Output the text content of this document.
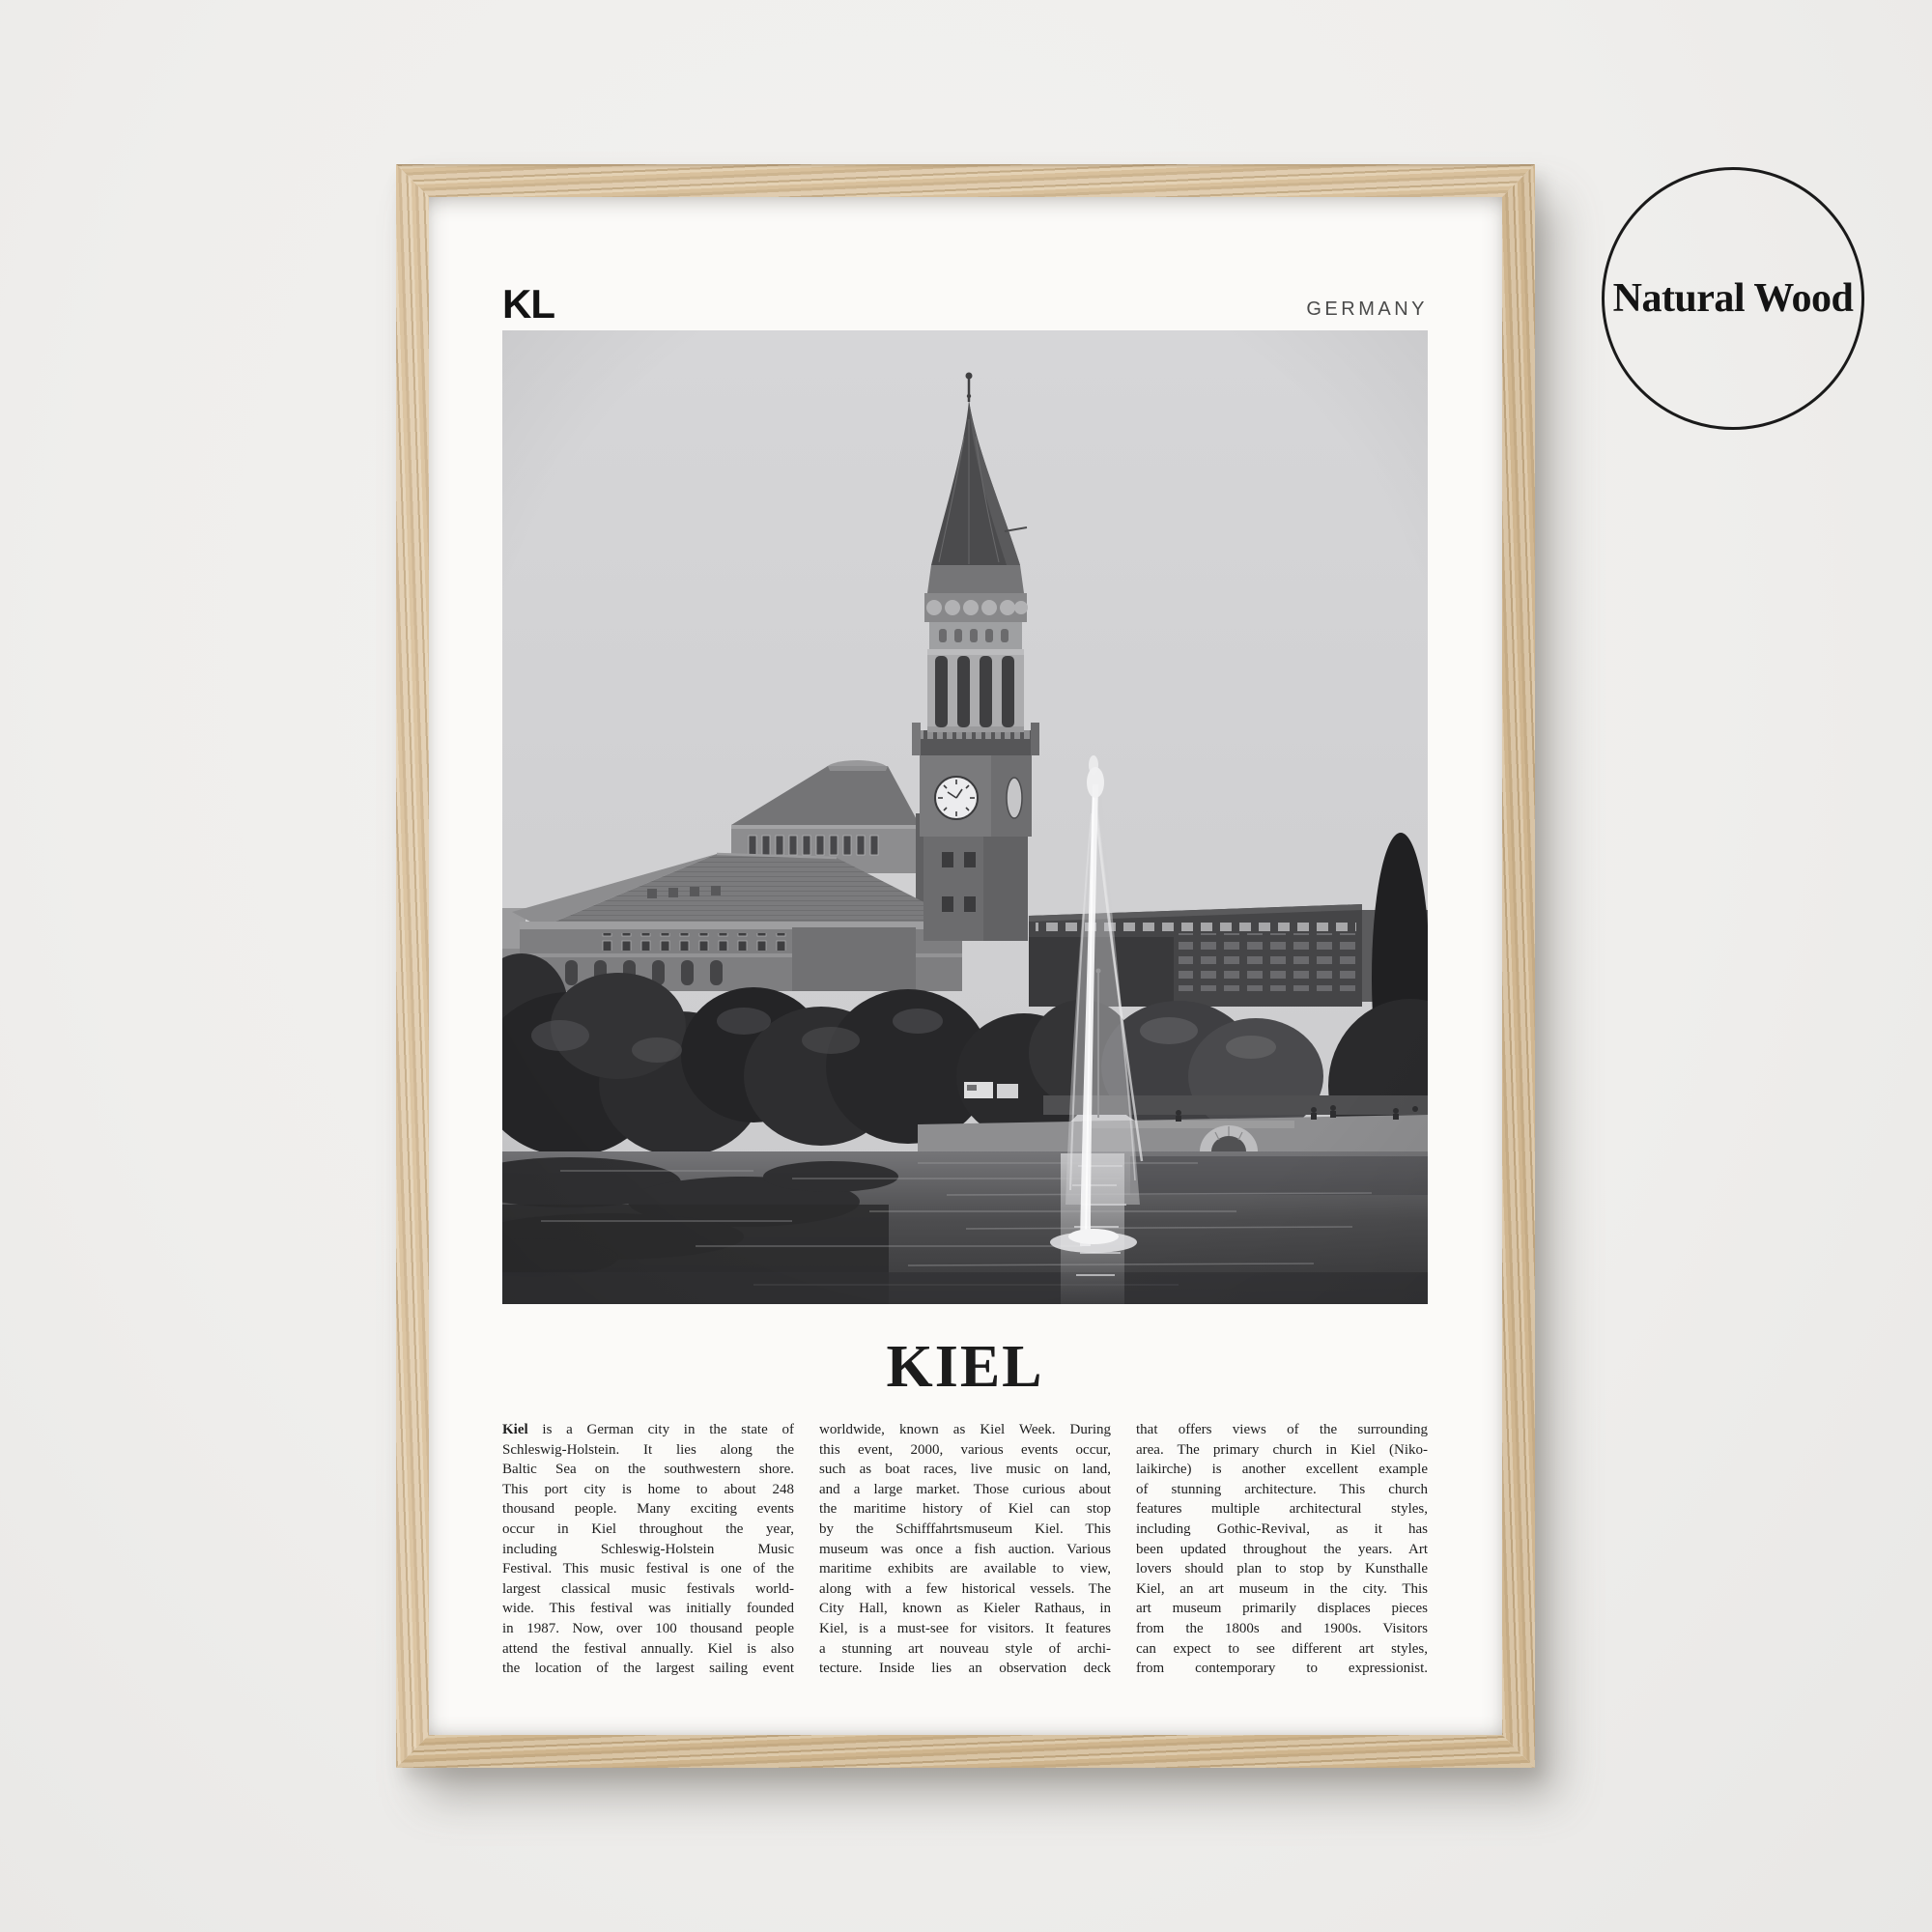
KL	GERMANY
KIEL
Kiel is a German city in the state of
Schleswig-Holstein. It lies along the
Baltic Sea on the southwestern shore.
This port city is home to about 248
thousand people. Many exciting events
occur in Kiel throughout the year,
including Schleswig-Holstein Music
Festival. This music festival is one of the
largest classical music festivals world-
wide. This festival was initially founded
in 1987. Now, over 100 thousand people
attend the festival annually. Kiel is also
the location of the largest sailing event
worldwide, known as Kiel Week. During
this event, 2000, various events occur,
such as boat races, live music on land,
and a large market. Those curious about
the maritime history of Kiel can stop
by the Schifffahrtsmuseum Kiel. This
museum was once a fish auction. Various
maritime exhibits are available to view,
along with a few historical vessels. The
City Hall, known as Kieler Rathaus, in
Kiel, is a must-see for visitors. It features
a stunning art nouveau style of archi-
tecture. Inside lies an observation deck
that offers views of the surrounding
area. The primary church in Kiel (Niko-
laikirche) is another excellent example
of stunning architecture. This church
features multiple architectural styles,
including Gothic-Revival, as it has
been updated throughout the years. Art
lovers should plan to stop by Kunsthalle
Kiel, an art museum in the city. This
art museum primarily displaces pieces
from the 1800s and 1900s. Visitors
can expect to see different art styles,
from contemporary to expressionist.
Natural Wood
